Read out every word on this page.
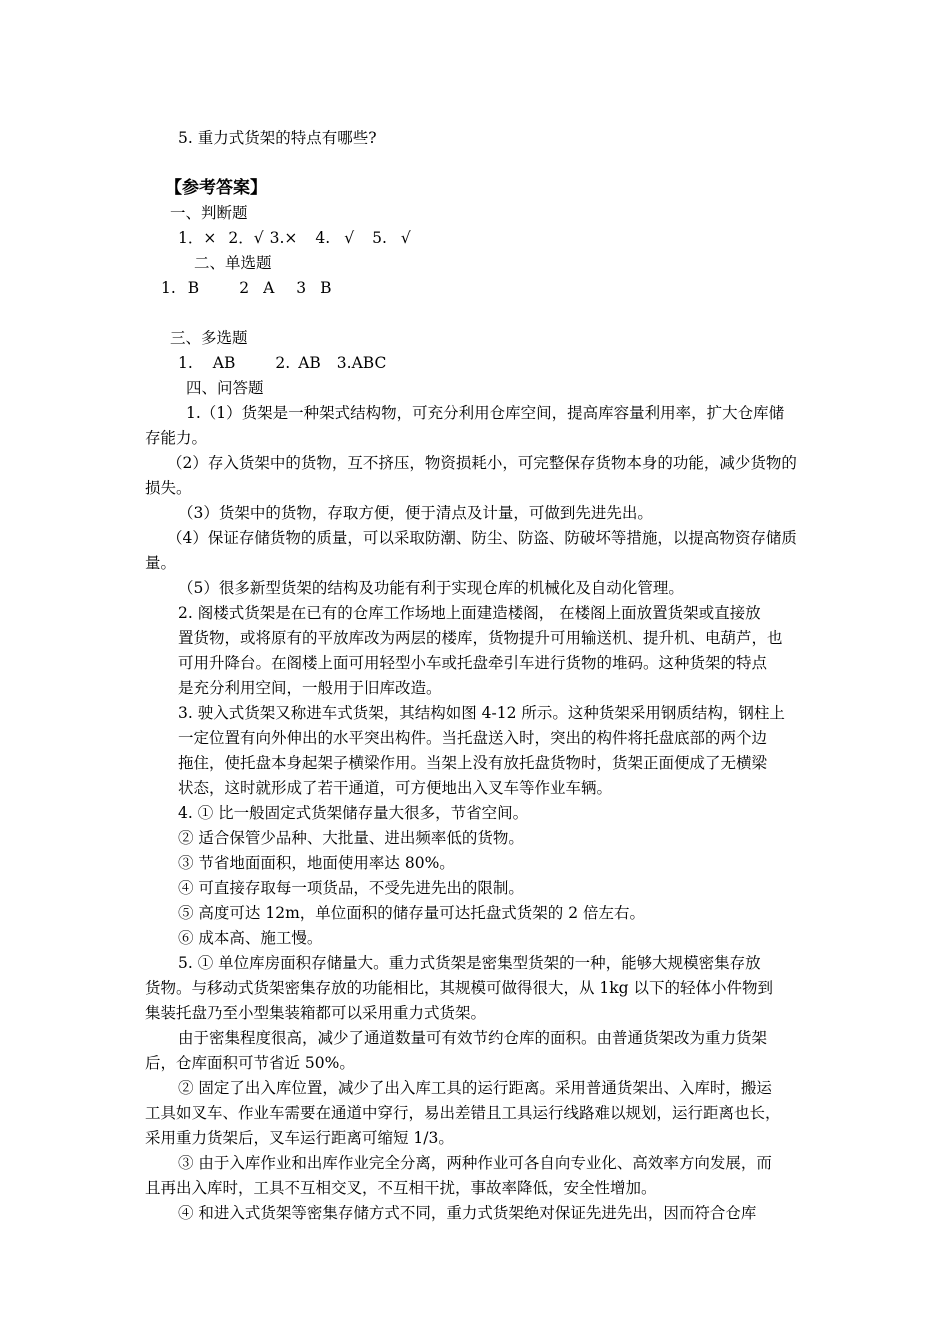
5. 重力式货架的特点有哪些?
【参考答案】
一、判断题
1．× 2．√ 3.× 4. √ 5. √
二、单选题
1. B	2 A 3 B
三、多选题
1. AB	2. AB 3.ABC
四、问答题
1.（1）货架是一种架式结构物，可充分利用仓库空间，提高库容量利用率，扩大仓库储
存能力。
（2）存入货架中的货物，互不挤压，物资损耗小，可完整保存货物本身的功能，减少货物的
损失。
（3）货架中的货物，存取方便，便于清点及计量，可做到先进先出。
（4）保证存储货物的质量，可以采取防潮、防尘、防盗、防破坏等措施，以提高物资存储质
量。
（5）很多新型货架的结构及功能有利于实现仓库的机械化及自动化管理。
2. 阁楼式货架是在已有的仓库工作场地上面建造楼阁， 在楼阁上面放置货架或直接放
置货物，或将原有的平放库改为两层的楼库，货物提升可用输送机、提升机、电葫芦，也
可用升降台。在阁楼上面可用轻型小车或托盘牵引车进行货物的堆码。这种货架的特点
是充分利用空间，一般用于旧库改造。
3. 驶入式货架又称进车式货架，其结构如图 4-12 所示。这种货架采用钢质结构，钢柱上
一定位置有向外伸出的水平突出构件。当托盘送入时，突出的构件将托盘底部的两个边
拖住，使托盘本身起架子横梁作用。当架上没有放托盘货物时，货架正面便成了无横梁
状态，这时就形成了若干通道，可方便地出入叉车等作业车辆。
4. ① 比一般固定式货架储存量大很多，节省空间。
② 适合保管少品种、大批量、进出频率低的货物。
③ 节省地面面积，地面使用率达 80%。
④ 可直接存取每一项货品，不受先进先出的限制。
⑤ 高度可达 12m，单位面积的储存量可达托盘式货架的 2 倍左右。
⑥ 成本高、施工慢。
5. ① 单位库房面积存储量大。重力式货架是密集型货架的一种，能够大规模密集存放
货物。与移动式货架密集存放的功能相比，其规模可做得很大，从 1kg 以下的轻体小件物到
集装托盘乃至小型集装箱都可以采用重力式货架。
由于密集程度很高，减少了通道数量可有效节约仓库的面积。由普通货架改为重力货架
后，仓库面积可节省近 50%。
② 固定了出入库位置，减少了出入库工具的运行距离。采用普通货架出、入库时，搬运
工具如叉车、作业车需要在通道中穿行，易出差错且工具运行线路难以规划，运行距离也长，
采用重力货架后，叉车运行距离可缩短 1/3。
③ 由于入库作业和出库作业完全分离，两种作业可各自向专业化、高效率方向发展，而
且再出入库时，工具不互相交叉，不互相干扰，事故率降低，安全性增加。
④ 和进入式货架等密集存储方式不同，重力式货架绝对保证先进先出，因而符合仓库
